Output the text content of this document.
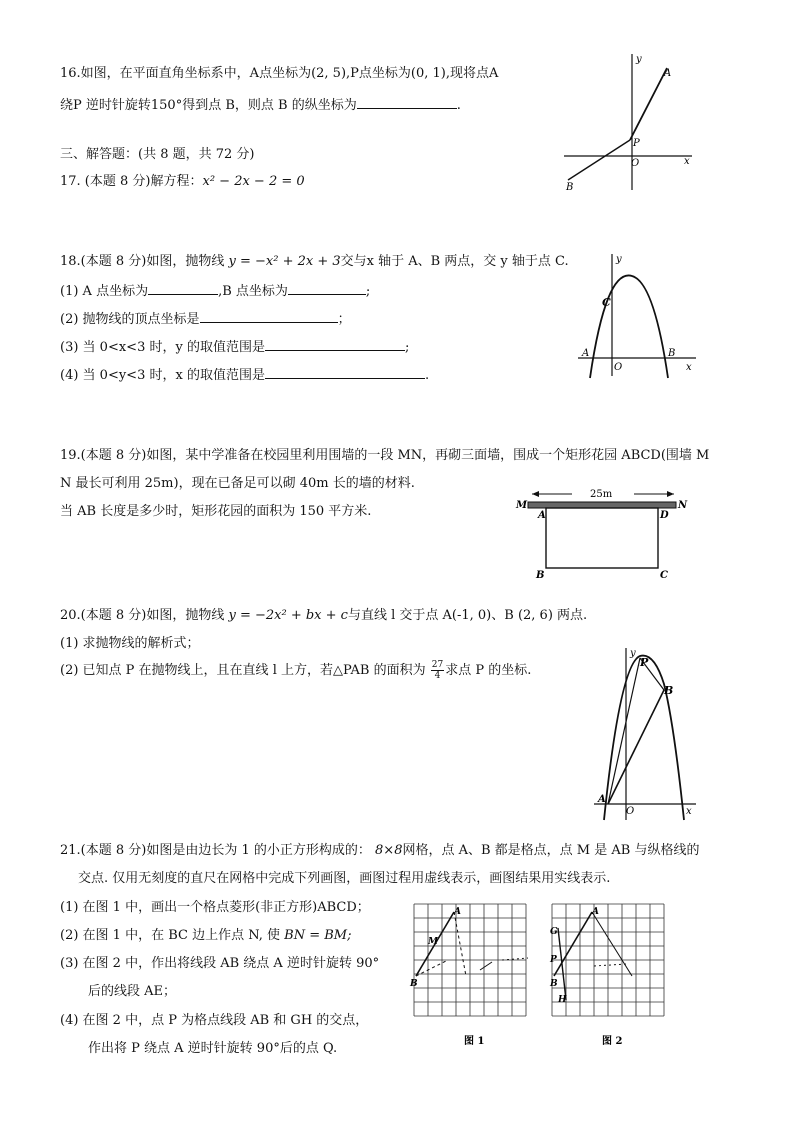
16.如图，在平面直角坐标系中，A点坐标为(2, 5),P点坐标为(0, 1),现将点A
绕P 逆时针旋转150°得到点 B，则点 B 的纵坐标为	.
y
x
A
P
O
B
三、解答题：(共 8 题，共 72 分)
17. (本题 8 分)解方程：x² − 2x − 2 = 0
18.(本题 8 分)如图，抛物线 y = −x² + 2x + 3交与x 轴于 A、B 两点，交 y 轴于点 C.
(1) A 点坐标为	,B 点坐标为	;
(2) 抛物线的顶点坐标是	；
(3) 当 0<x<3 时，y 的取值范围是	;
(4) 当 0<y<3 时，x 的取值范围是	.
y
C
A
O
B
x
19.(本题 8 分)如图，某中学准备在校园里利用围墙的一段 MN，再砌三面墙，围成一个矩形花园 ABCD(围墙 M
N 最长可利用 25m)，现在已备足可以砌 40m 长的墙的材料.
当 AB 长度是多少时，矩形花园的面积为 150 平方米.
25m
M	N
A	D
B	C
20.(本题 8 分)如图，抛物线 y = −2x² + bx + c与直线 l 交于点 A(-1, 0)、B (2, 6) 两点.
(1) 求抛物线的解析式；
(2) 已知点 P 在抛物线上，且在直线 l 上方，若△PAB 的面积为 $\frac{27}{4}$ 求点 P 的坐标.
y
P
B
A
O	x
21.(本题 8 分)如图是由边长为 1 的小正方形构成的： 8×8网格，点 A、B 都是格点，点 M 是 AB 与纵格线的
交点. 仅用无刻度的直尺在网格中完成下列画图，画图过程用虚线表示，画图结果用实线表示.
(1) 在图 1 中，画出一个格点菱形(非正方形)ABCD；
(2) 在图 1 中，在 BC 边上作点 N, 使 BN = BM;
(3) 在图 2 中，作出将线段 AB 绕点 A 逆时针旋转 90°
后的线段 AE；
(4) 在图 2 中，点 P 为格点线段 AB 和 GH 的交点，
作出将 P 绕点 A 逆时针旋转 90°后的点 Q.
A
M
B
图 1
A
G
P
B
H
图 2
